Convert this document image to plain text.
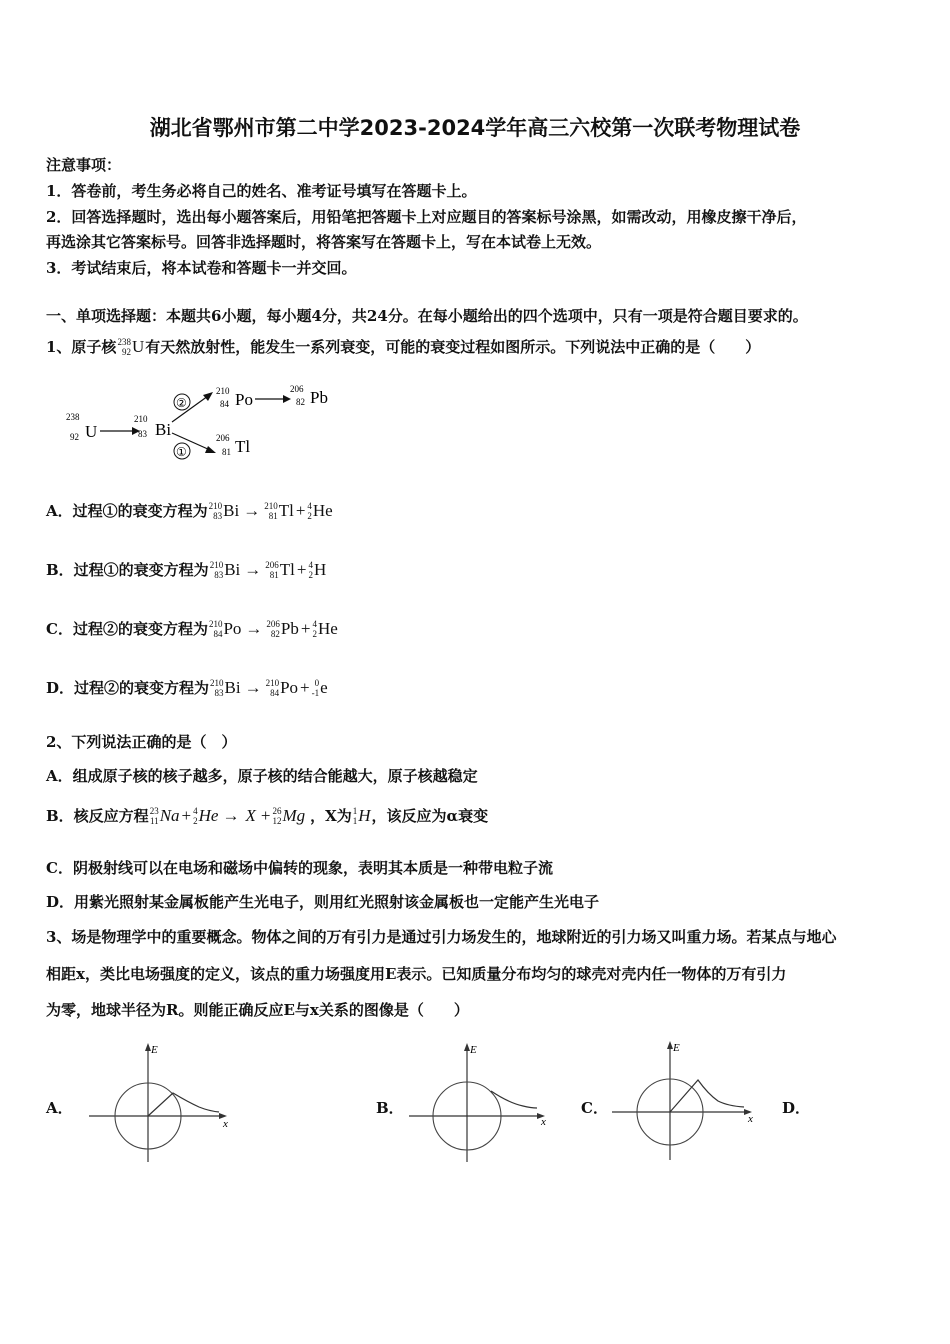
湖北省鄂州市第二中学2023-2024学年高三六校第一次联考物理试卷
注意事项：
1．答卷前，考生务必将自己的姓名、准考证号填写在答题卡上。
2．回答选择题时，选出每小题答案后，用铅笔把答题卡上对应题目的答案标号涂黑，如需改动，用橡皮擦干净后，
再选涂其它答案标号。回答非选择题时，将答案写在答题卡上，写在本试卷上无效。
3．考试结束后，将本试卷和答题卡一并交回。
一、单项选择题：本题共6小题，每小题4分，共24分。在每小题给出的四个选项中，只有一项是符合题目要求的。
1、原子核 238
92 U 有天然放射性，能发生一系列衰变，可能的衰变过程如图所示。下列说法中正确的是（　　）
238
92 U
210
83 Bi
②
①
210
84 Po
206
82 Pb
206
81 Tl
A．过程①的衰变方程为 210
83 Bi → 210
81 Tl + 4
2 He
B．过程①的衰变方程为 210
83 Bi → 206
81 Tl + 4
2 H
C．过程②的衰变方程为 210
84 Po → 206
82 Pb + 4
2 He
D．过程②的衰变方程为 210
83 Bi → 210
84 Po + 0
-1 e
2、下列说法正确的是（　）
A．组成原子核的核子越多，原子核的结合能越大，原子核越稳定
B．核反应方程 23
11 Na + 4
2 He → X + 26
12 Mg ，X为 1
1 H ，该反应为α衰变
C．阴极射线可以在电场和磁场中偏转的现象，表明其本质是一种带电粒子流
D．用紫光照射某金属板能产生光电子，则用红光照射该金属板也一定能产生光电子
3、场是物理学中的重要概念。物体之间的万有引力是通过引力场发生的，地球附近的引力场又叫重力场。若某点与地心
相距x，类比电场强度的定义，该点的重力场强度用E表示。已知质量分布均匀的球壳对壳内任一物体的万有引力
为零，地球半径为R。则能正确反应E与x关系的图像是（　　）
A．
E
x
B．
E
x
C．
E
x
D．
